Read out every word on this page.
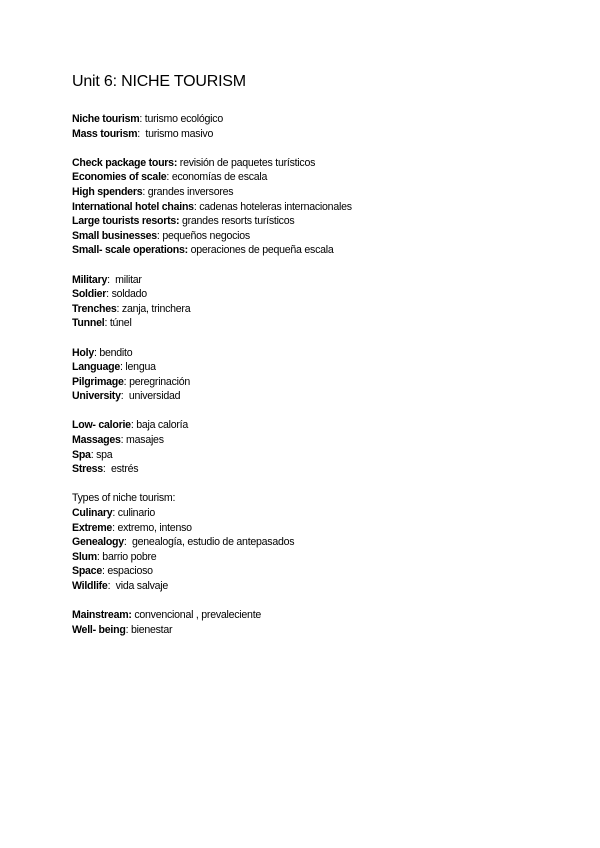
Unit 6: NICHE TOURISM
Niche tourism: turismo ecológico
Mass tourism:  turismo masivo
Check package tours: revisión de paquetes turísticos
Economies of scale: economías de escala
High spenders: grandes inversores
International hotel chains: cadenas hoteleras internacionales
Large tourists resorts: grandes resorts turísticos
Small businesses: pequeños negocios
Small- scale operations: operaciones de pequeña escala
Military:  militar
Soldier: soldado
Trenches: zanja, trinchera
Tunnel: túnel
Holy: bendito
Language: lengua
Pilgrimage: peregrinación
University:  universidad
Low- calorie: baja caloría
Massages: masajes
Spa: spa
Stress:  estrés
Types of niche tourism:
Culinary: culinario
Extreme: extremo, intenso
Genealogy:  genealogía, estudio de antepasados
Slum: barrio pobre
Space: espacioso
Wildlife:  vida salvaje
Mainstream: convencional , prevaleciente
Well- being: bienestar
